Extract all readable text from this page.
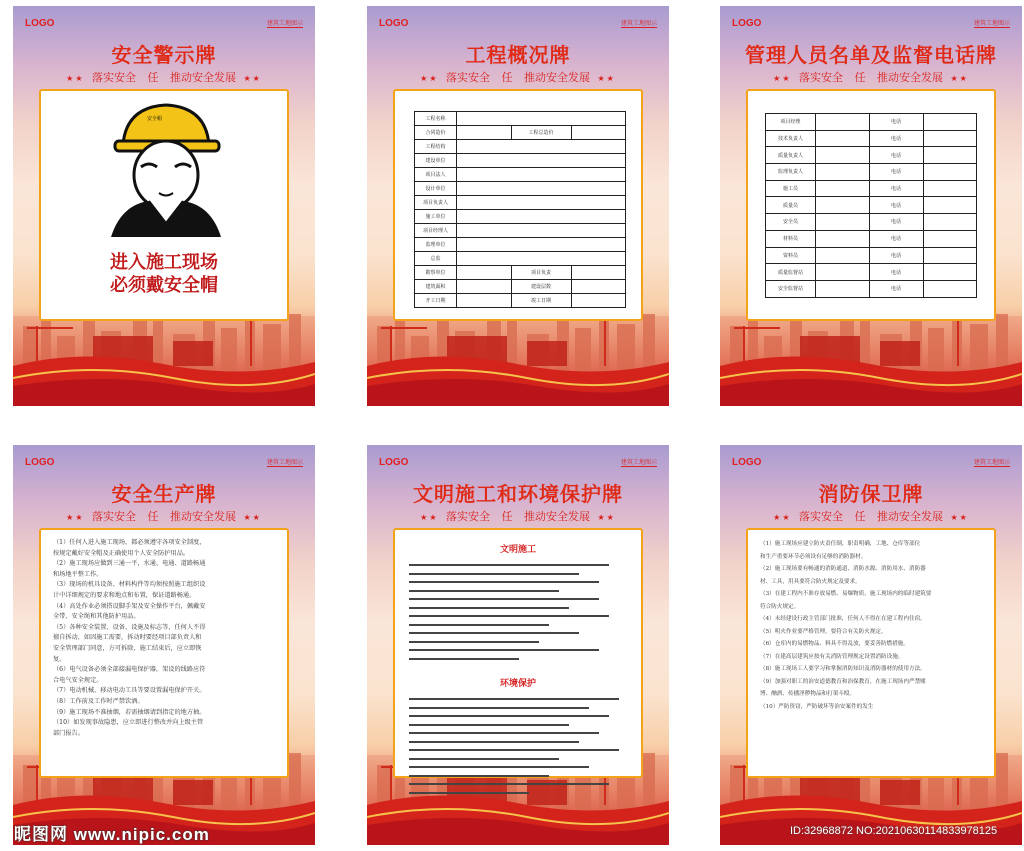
LOGO	建筑工地图示
安全警示牌
★★ 落实安全 任 推动安全发展 ★★
安全帽
进入施工现场
必须戴安全帽
LOGO	建筑工地图示
工程概况牌
★★ 落实安全 任 推动安全发展 ★★
工程名称			
合同造价		工程总造价	
工程结构			
建设单位			
项目法人			
设计单位			
项目负责人			
施工单位			
项目经理人			
监理单位			
总监			
勘察单位		项目负责	
建筑面积		建设层数	
开工日期		竣工日期	
LOGO	建筑工地图示
管理人员名单及监督电话牌
★★ 落实安全 任 推动安全发展 ★★
项目经理		电话	
技术负责人		电话	
质量负责人		电话	
监理负责人		电话	
施工员		电话	
质量员		电话	
安全员		电话	
材料员		电话	
资料员		电话	
质量监督站		电话	
安全监督站		电话	
LOGO	建筑工地图示
安全生产牌
★★ 落实安全 任 推动安全发展 ★★

（1）任何人进入施工现场，都必须遵守各项安全制度，

按规定戴好安全帽及正确使用个人安全防护用品。

（2）施工现场应做到三通一平，水通、电通、道路畅通

和场地平整工作。

（3）现场的机具设备、材料构件等均须按照施工组织设

计中详细规定的要求和地点和布置，保证道路畅通。

（4）高处作业必须搭设脚手架及安全操作平台，佩戴安

全带、安全绳和其他防护用品。

（5）各种安全装置、设备、设施及标志等，任何人不得

擅自拆动，如因施工需要，拆动时要经项目部负责人和

安全管理部门同意，方可拆除，施工结束后，应立即恢

复。

（6）电气设备必须全部接漏电保护器，架设的线路应符

合电气安全规定。

（7）电动机械、移动电动工具等要设置漏电保护开关。

（8）工作前及工作时严禁饮酒。

（9）施工现场不准抽烟，若需抽烟请到指定的地方抽。

（10）如发现事故隐患，应立即进行整改并向上级主管

部门报告。

LOGO	建筑工地图示
文明施工和环境保护牌
★★ 落实安全 任 推动安全发展 ★★
文明施工
环境保护
LOGO	建筑工地图示
消防保卫牌
★★ 落实安全 任 推动安全发展 ★★

（1）施工现场应建立防火责任制，职责明确，工地、仓库等部位

和生产重要环节必须设有足够的消防器材。

（2）施工现场要有畅通的消防通道、消防水源、消防用水、消防器

材、工具，用具要符合防火规定及要求。

（3）在建工程内不准存放易燃、易爆物质，施工现场内的临时建筑要

符合防火规定。

（4）未经建设行政主管部门批准，任何人不得在在建工程内住宿。

（5）明火作业要严格管理，要符合有关防火规定。

（6）仓库内的易燃物品、料具不得乱放，要妥善防燃措施。

（7）在建高层建筑应按有关消防管理规定设置消防设施。

（8）施工现场工人要学习和掌握消防知识及消防器材的使用方法。

（9）加强对职工的治安道德教育和治保教育，在施工现场内严禁赌

博、酗酒、传播淫秽物品和打架斗殴。

（10）严防资窃，严防破坏等治安案件的发生

昵图网 www.nipic.com	ID:32968872 NO:20210630114833978125
